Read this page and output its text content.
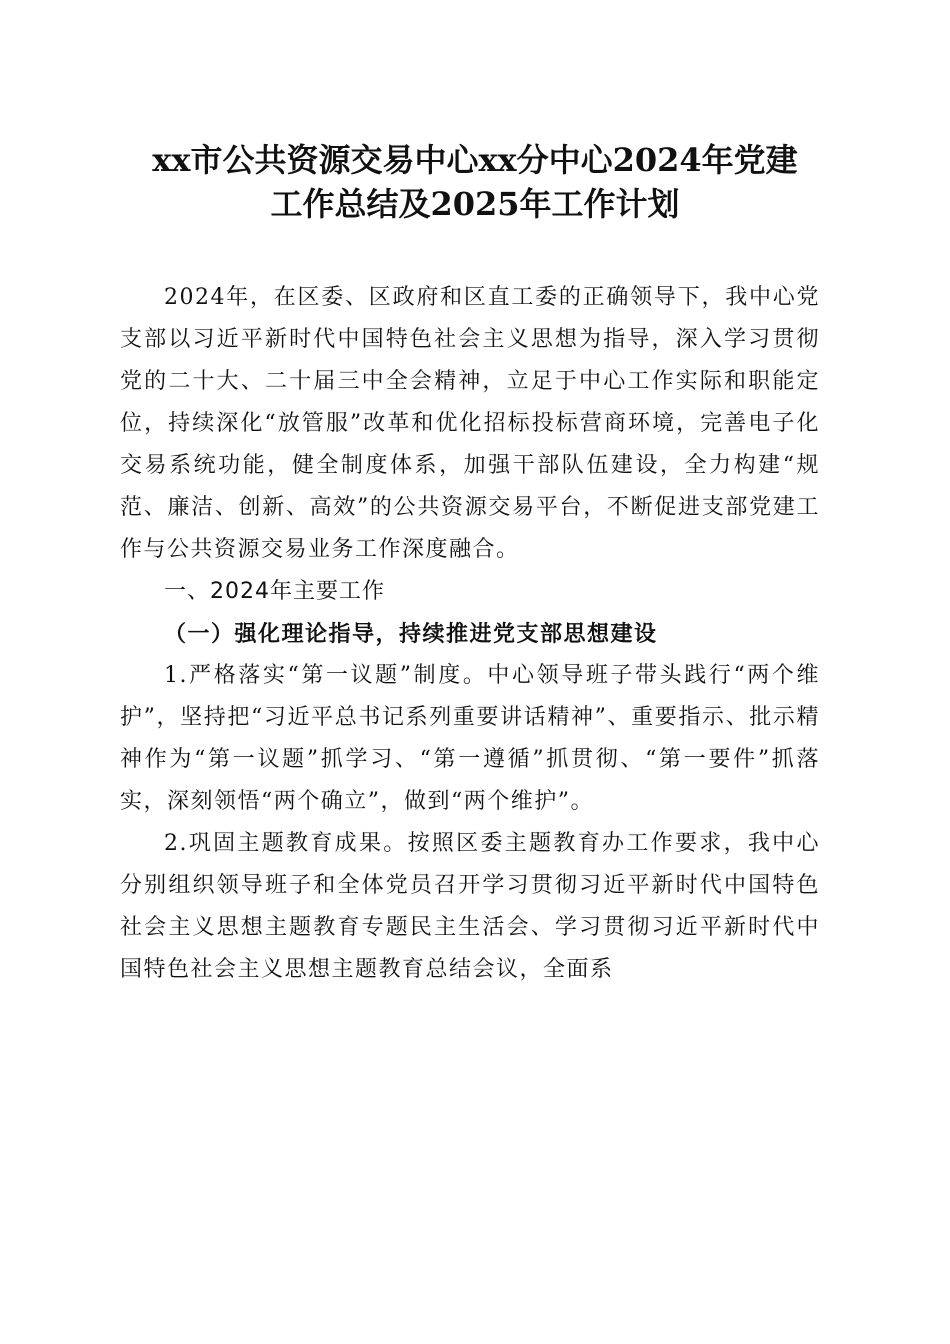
xx市公共资源交易中心xx分中心2024年党建
工作总结及2025年工作计划

2024年，在区委、区政府和区直工委的正确领导下，我中心党支部以习近平新时代中国特色社会主义思想为指导，深入学习贯彻党的二十大、二十届三中全会精神，立足于中心工作实际和职能定位，持续深化“放管服”改革和优化招标投标营商环境，完善电子化交易系统功能，健全制度体系，加强干部队伍建设，全力构建“规范、廉洁、创新、高效”的公共资源交易平台，不断促进支部党建工作与公共资源交易业务工作深度融合。

一、2024年主要工作

（一）强化理论指导，持续推进党支部思想建设

1.严格落实“第一议题”制度。中心领导班子带头践行“两个维护”，坚持把“习近平总书记系列重要讲话精神”、重要指示、批示精神作为“第一议题”抓学习、“第一遵循”抓贯彻、“第一要件”抓落实，深刻领悟“两个确立”，做到“两个维护”。

2.巩固主题教育成果。按照区委主题教育办工作要求，我中心分别组织领导班子和全体党员召开学习贯彻习近平新时代中国特色社会主义思想主题教育专题民主生活会、学习贯彻习近平新时代中国特色社会主义思想主题教育总结会议，全面系
